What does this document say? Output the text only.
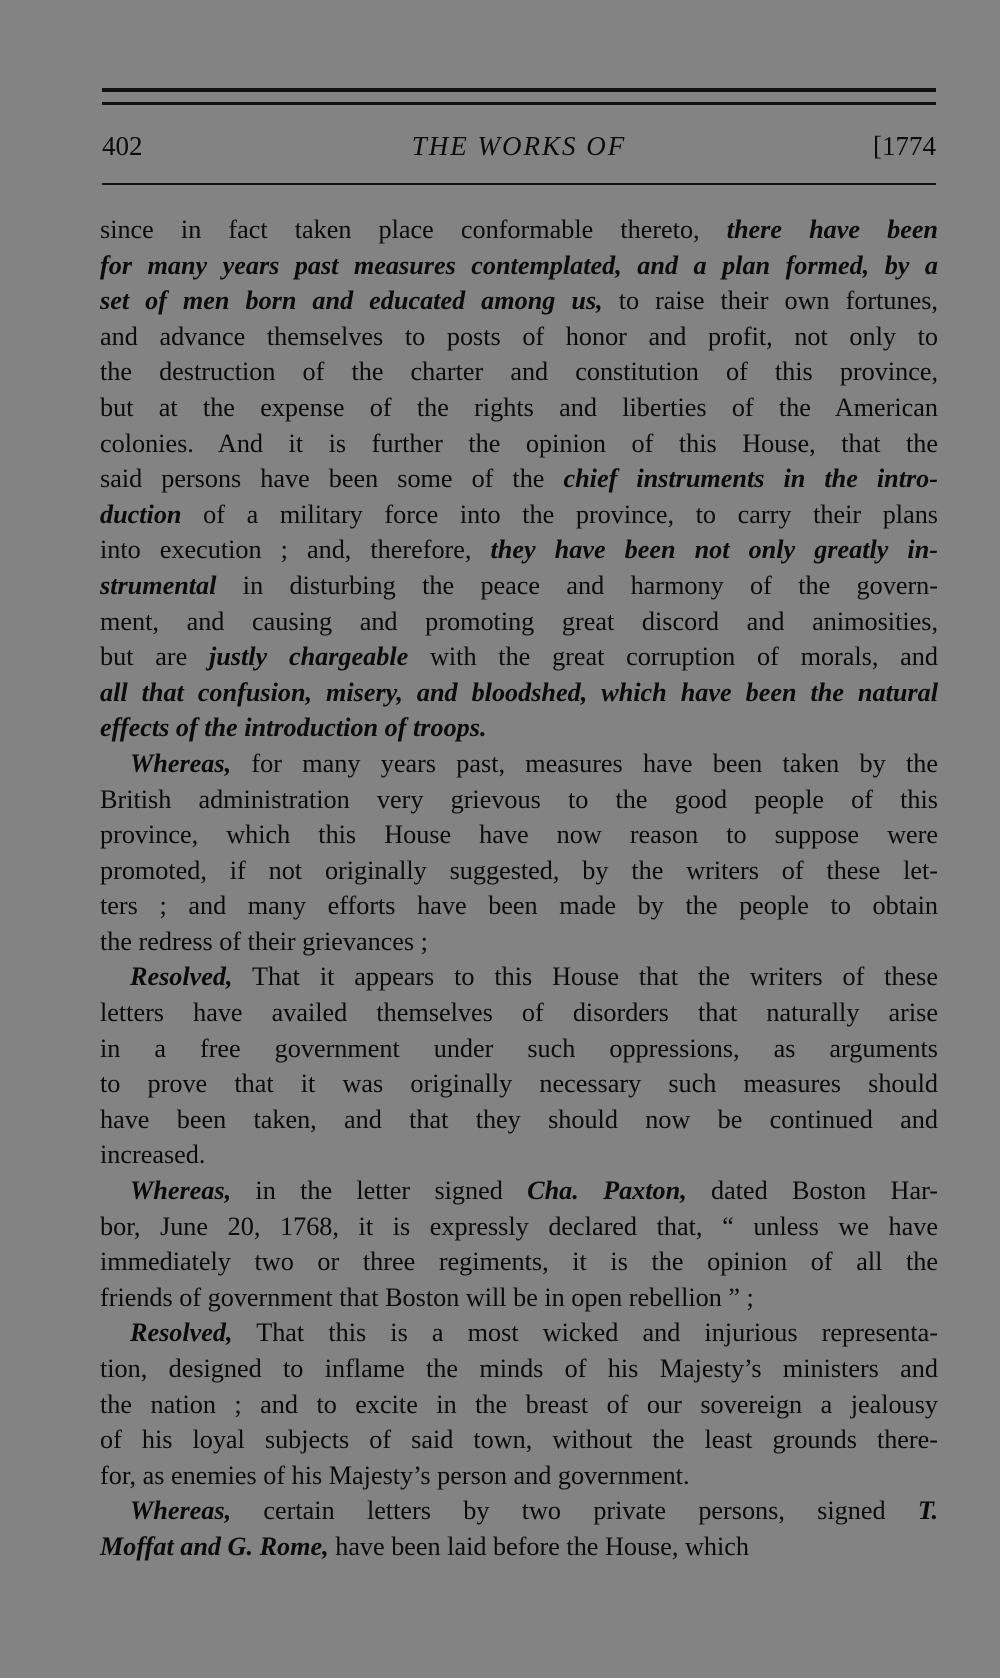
402	THE WORKS OF	[1774
since in fact taken place conformable thereto, there have been
for many years past measures contemplated, and a plan formed, by a
set of men born and educated among us, to raise their own fortunes,
and advance themselves to posts of honor and profit, not only to
the destruction of the charter and constitution of this province,
but at the expense of the rights and liberties of the American
colonies. And it is further the opinion of this House, that the
said persons have been some of the chief instruments in the intro-
duction of a military force into the province, to carry their plans
into execution ; and, therefore, they have been not only greatly in-
strumental in disturbing the peace and harmony of the govern-
ment, and causing and promoting great discord and animosities,
but are justly chargeable with the great corruption of morals, and
all that confusion, misery, and bloodshed, which have been the natural
effects of the introduction of troops.
Whereas, for many years past, measures have been taken by the
British administration very grievous to the good people of this
province, which this House have now reason to suppose were
promoted, if not originally suggested, by the writers of these let-
ters ; and many efforts have been made by the people to obtain
the redress of their grievances ;
Resolved, That it appears to this House that the writers of these
letters have availed themselves of disorders that naturally arise
in a free government under such oppressions, as arguments
to prove that it was originally necessary such measures should
have been taken, and that they should now be continued and
increased.
Whereas, in the letter signed Cha. Paxton, dated Boston Har-
bor, June 20, 1768, it is expressly declared that, “ unless we have
immediately two or three regiments, it is the opinion of all the
friends of government that Boston will be in open rebellion ” ;
Resolved, That this is a most wicked and injurious representa-
tion, designed to inflame the minds of his Majesty’s ministers and
the nation ; and to excite in the breast of our sovereign a jealousy
of his loyal subjects of said town, without the least grounds there-
for, as enemies of his Majesty’s person and government.
Whereas, certain letters by two private persons, signed T.
Moffat and G. Rome, have been laid before the House, which
